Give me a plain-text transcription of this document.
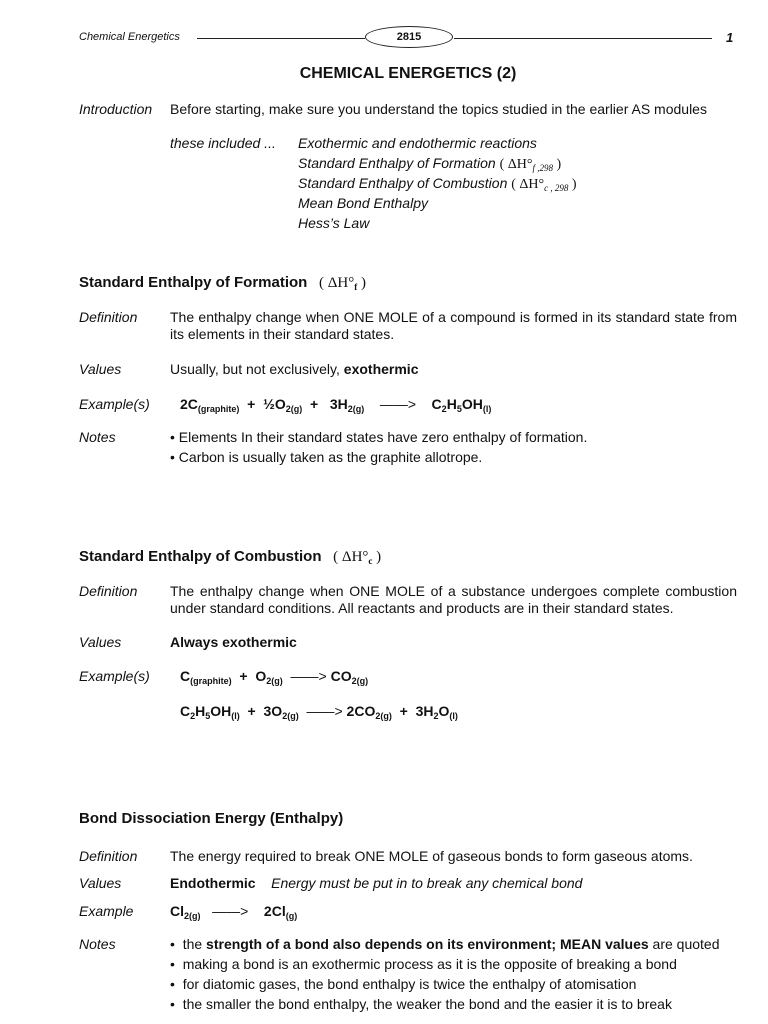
Chemical Energetics	2815	1
CHEMICAL ENERGETICS (2)
Introduction Before starting, make sure you understand the topics studied in the earlier AS modules
these included ... Exothermic and endothermic reactions
Standard Enthalpy of Formation ( $\Delta H^\circ_{f ,298}$ )
Standard Enthalpy of Combustion ( $\Delta H^\circ_{c , 298}$ )
Mean Bond Enthalpy
Hess’s Law
Standard Enthalpy of Formation   ( $\Delta H^\circ_f$ )
Definition The enthalpy change when ONE MOLE of a compound is formed in its standard state from its elements in their standard states.
Values	Usually, but not exclusively, exothermic
Example(s) $2C_{(graphite)}$  +  $\frac{1}{2}O_{2(g)} + 3H_{2(g)}$ ——>    $C_2H_5OH_{(l)}$
Notes	• Elements In their standard states have zero enthalpy of formation.
• Carbon is usually taken as the graphite allotrope.
Standard Enthalpy of Combustion   ( $\Delta H^\circ_c$ )
Definition The enthalpy change when ONE MOLE of a substance undergoes complete combustion under standard conditions. All reactants and products are in their standard states.
Values	Always exothermic
Example(s) $C_{(graphite)} + O_{2(g)}$ ——> $CO_{2(g)}$
$C_2H_5OH_{(l)} + 3O_{2(g)}$ ——> $2CO_{2(g)} + 3H_2O_{(l)}$
Bond Dissociation Energy (Enthalpy)
Definition The energy required to break ONE MOLE of gaseous bonds to form gaseous atoms.
Values	Endothermic Energy must be put in to break any chemical bond
Example	$Cl_{2(g)}$ ——>    $2Cl_{(g)}$
Notes	•  the strength of a bond also depends on its environment; MEAN values are quoted
•  making a bond is an exothermic process as it is the opposite of breaking a bond
•  for diatomic gases, the bond enthalpy is twice the enthalpy of atomisation
•  the smaller the bond enthalpy, the weaker the bond and the easier it is to break
